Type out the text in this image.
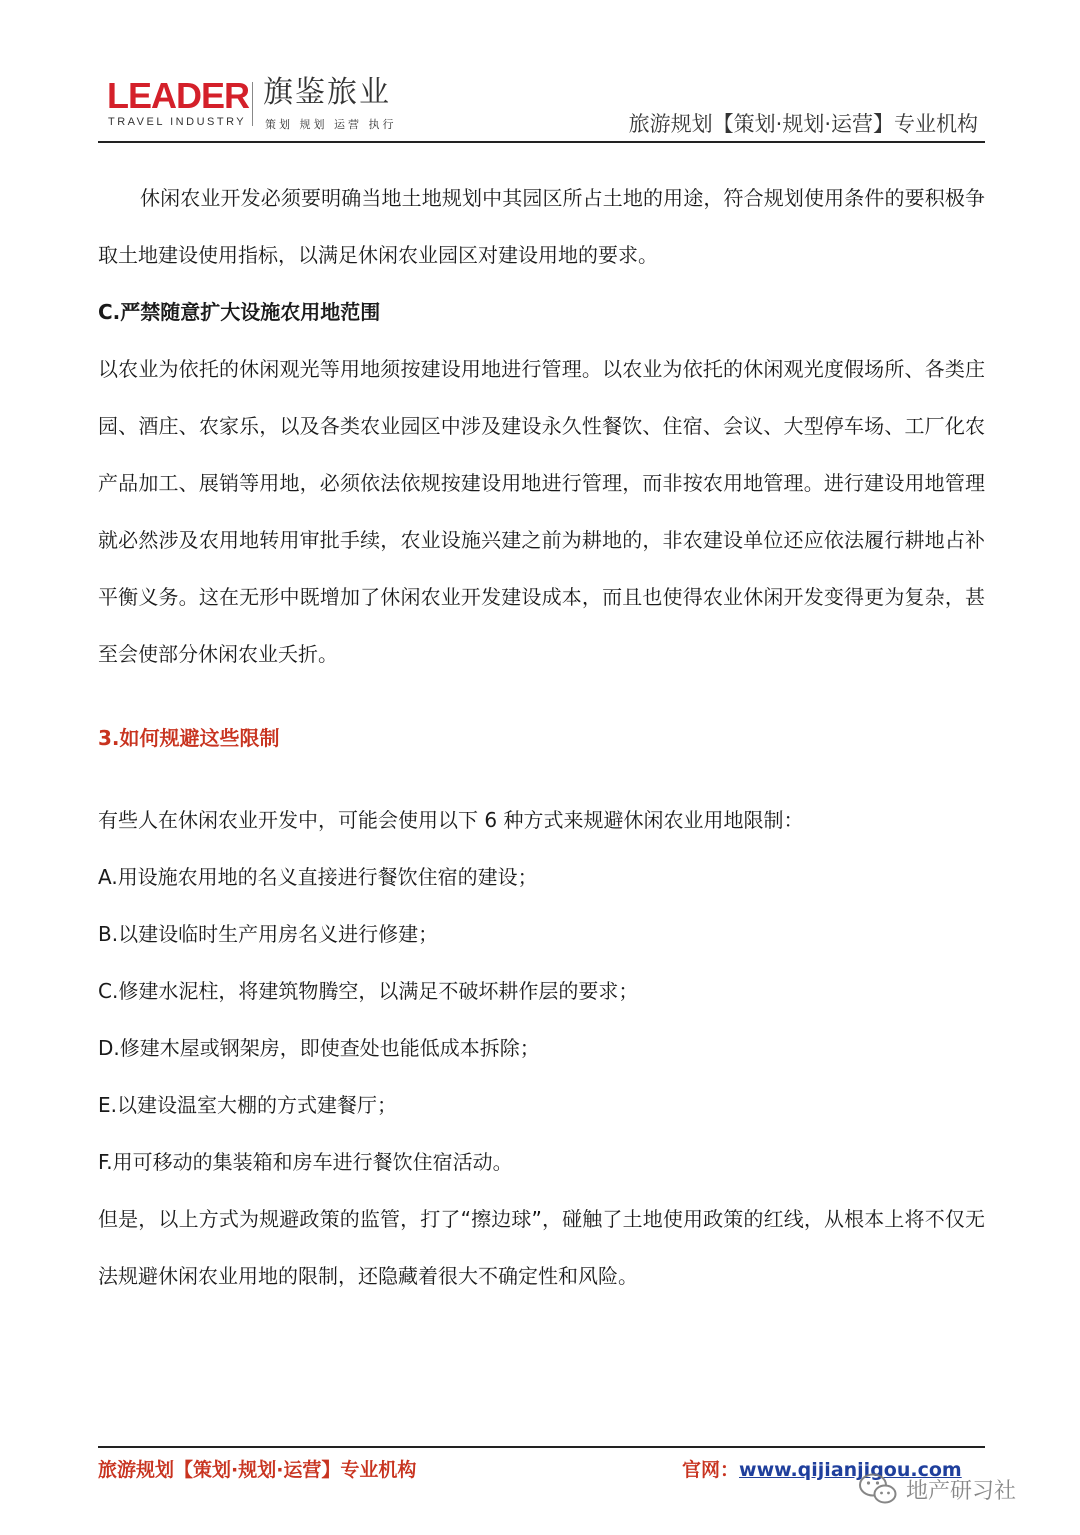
LEADER
TRAVEL INDUSTRY
旗鉴旅业
策划 规划 运营 执行	旅游规划【策划·规划·运营】专业机构

休闲农业开发必须要明确当地土地规划中其园区所占土地的用途，符合规划使用条件的要积极争取土地建设使用指标，以满足休闲农业园区对建设用地的要求。

C.严禁随意扩大设施农用地范围

以农业为依托的休闲观光等用地须按建设用地进行管理。以农业为依托的休闲观光度假场所、各类庄园、酒庄、农家乐，以及各类农业园区中涉及建设永久性餐饮、住宿、会议、大型停车场、工厂化农产品加工、展销等用地，必须依法依规按建设用地进行管理，而非按农用地管理。进行建设用地管理就必然涉及农用地转用审批手续，农业设施兴建之前为耕地的，非农建设单位还应依法履行耕地占补平衡义务。这在无形中既增加了休闲农业开发建设成本，而且也使得农业休闲开发变得更为复杂，甚至会使部分休闲农业夭折。

3.如何规避这些限制

有些人在休闲农业开发中，可能会使用以下 6 种方式来规避休闲农业用地限制：

A.用设施农用地的名义直接进行餐饮住宿的建设；

B.以建设临时生产用房名义进行修建；

C.修建水泥柱，将建筑物腾空，以满足不破坏耕作层的要求；

D.修建木屋或钢架房，即使查处也能低成本拆除；

E.以建设温室大棚的方式建餐厅；

F.用可移动的集装箱和房车进行餐饮住宿活动。

但是，以上方式为规避政策的监管，打了“擦边球”，碰触了土地使用政策的红线，从根本上将不仅无法规避休闲农业用地的限制，还隐藏着很大不确定性和风险。

旅游规划【策划·规划·运营】专业机构	官网：www.qijianjigou.com
地产研习社
